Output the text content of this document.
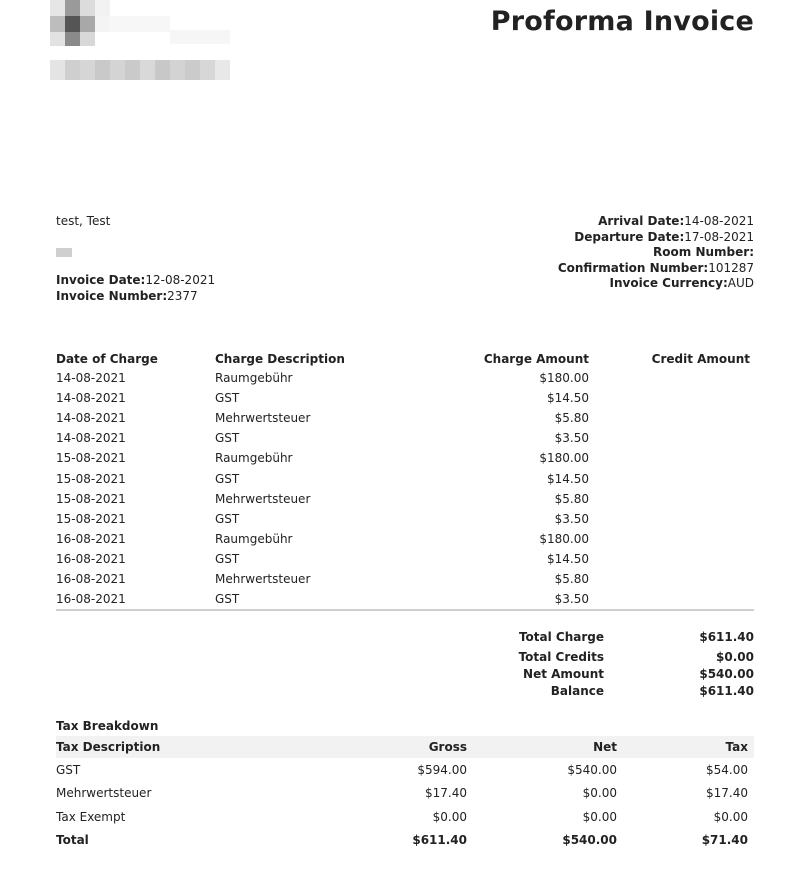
Proforma Invoice
test, Test
Invoice Date:12-08-2021
Invoice Number:2377
Arrival Date:14-08-2021
Departure Date:17-08-2021
Room Number:
Confirmation Number:101287
Invoice Currency:AUD
Date of Charge	Charge Description	Charge Amount	Credit Amount
14-08-2021	Raumgebühr	$180.00
14-08-2021	GST	$14.50
14-08-2021	Mehrwertsteuer	$5.80
14-08-2021	GST	$3.50
15-08-2021	Raumgebühr	$180.00
15-08-2021	GST	$14.50
15-08-2021	Mehrwertsteuer	$5.80
15-08-2021	GST	$3.50
16-08-2021	Raumgebühr	$180.00
16-08-2021	GST	$14.50
16-08-2021	Mehrwertsteuer	$5.80
16-08-2021	GST	$3.50
Total Charge	$611.40
Total Credits	$0.00
Net Amount	$540.00
Balance	$611.40
Tax Breakdown
Tax Description	Gross	Net	Tax
GST	$594.00	$540.00	$54.00
Mehrwertsteuer	$17.40	$0.00	$17.40
Tax Exempt	$0.00	$0.00	$0.00
Total	$611.40	$540.00	$71.40
